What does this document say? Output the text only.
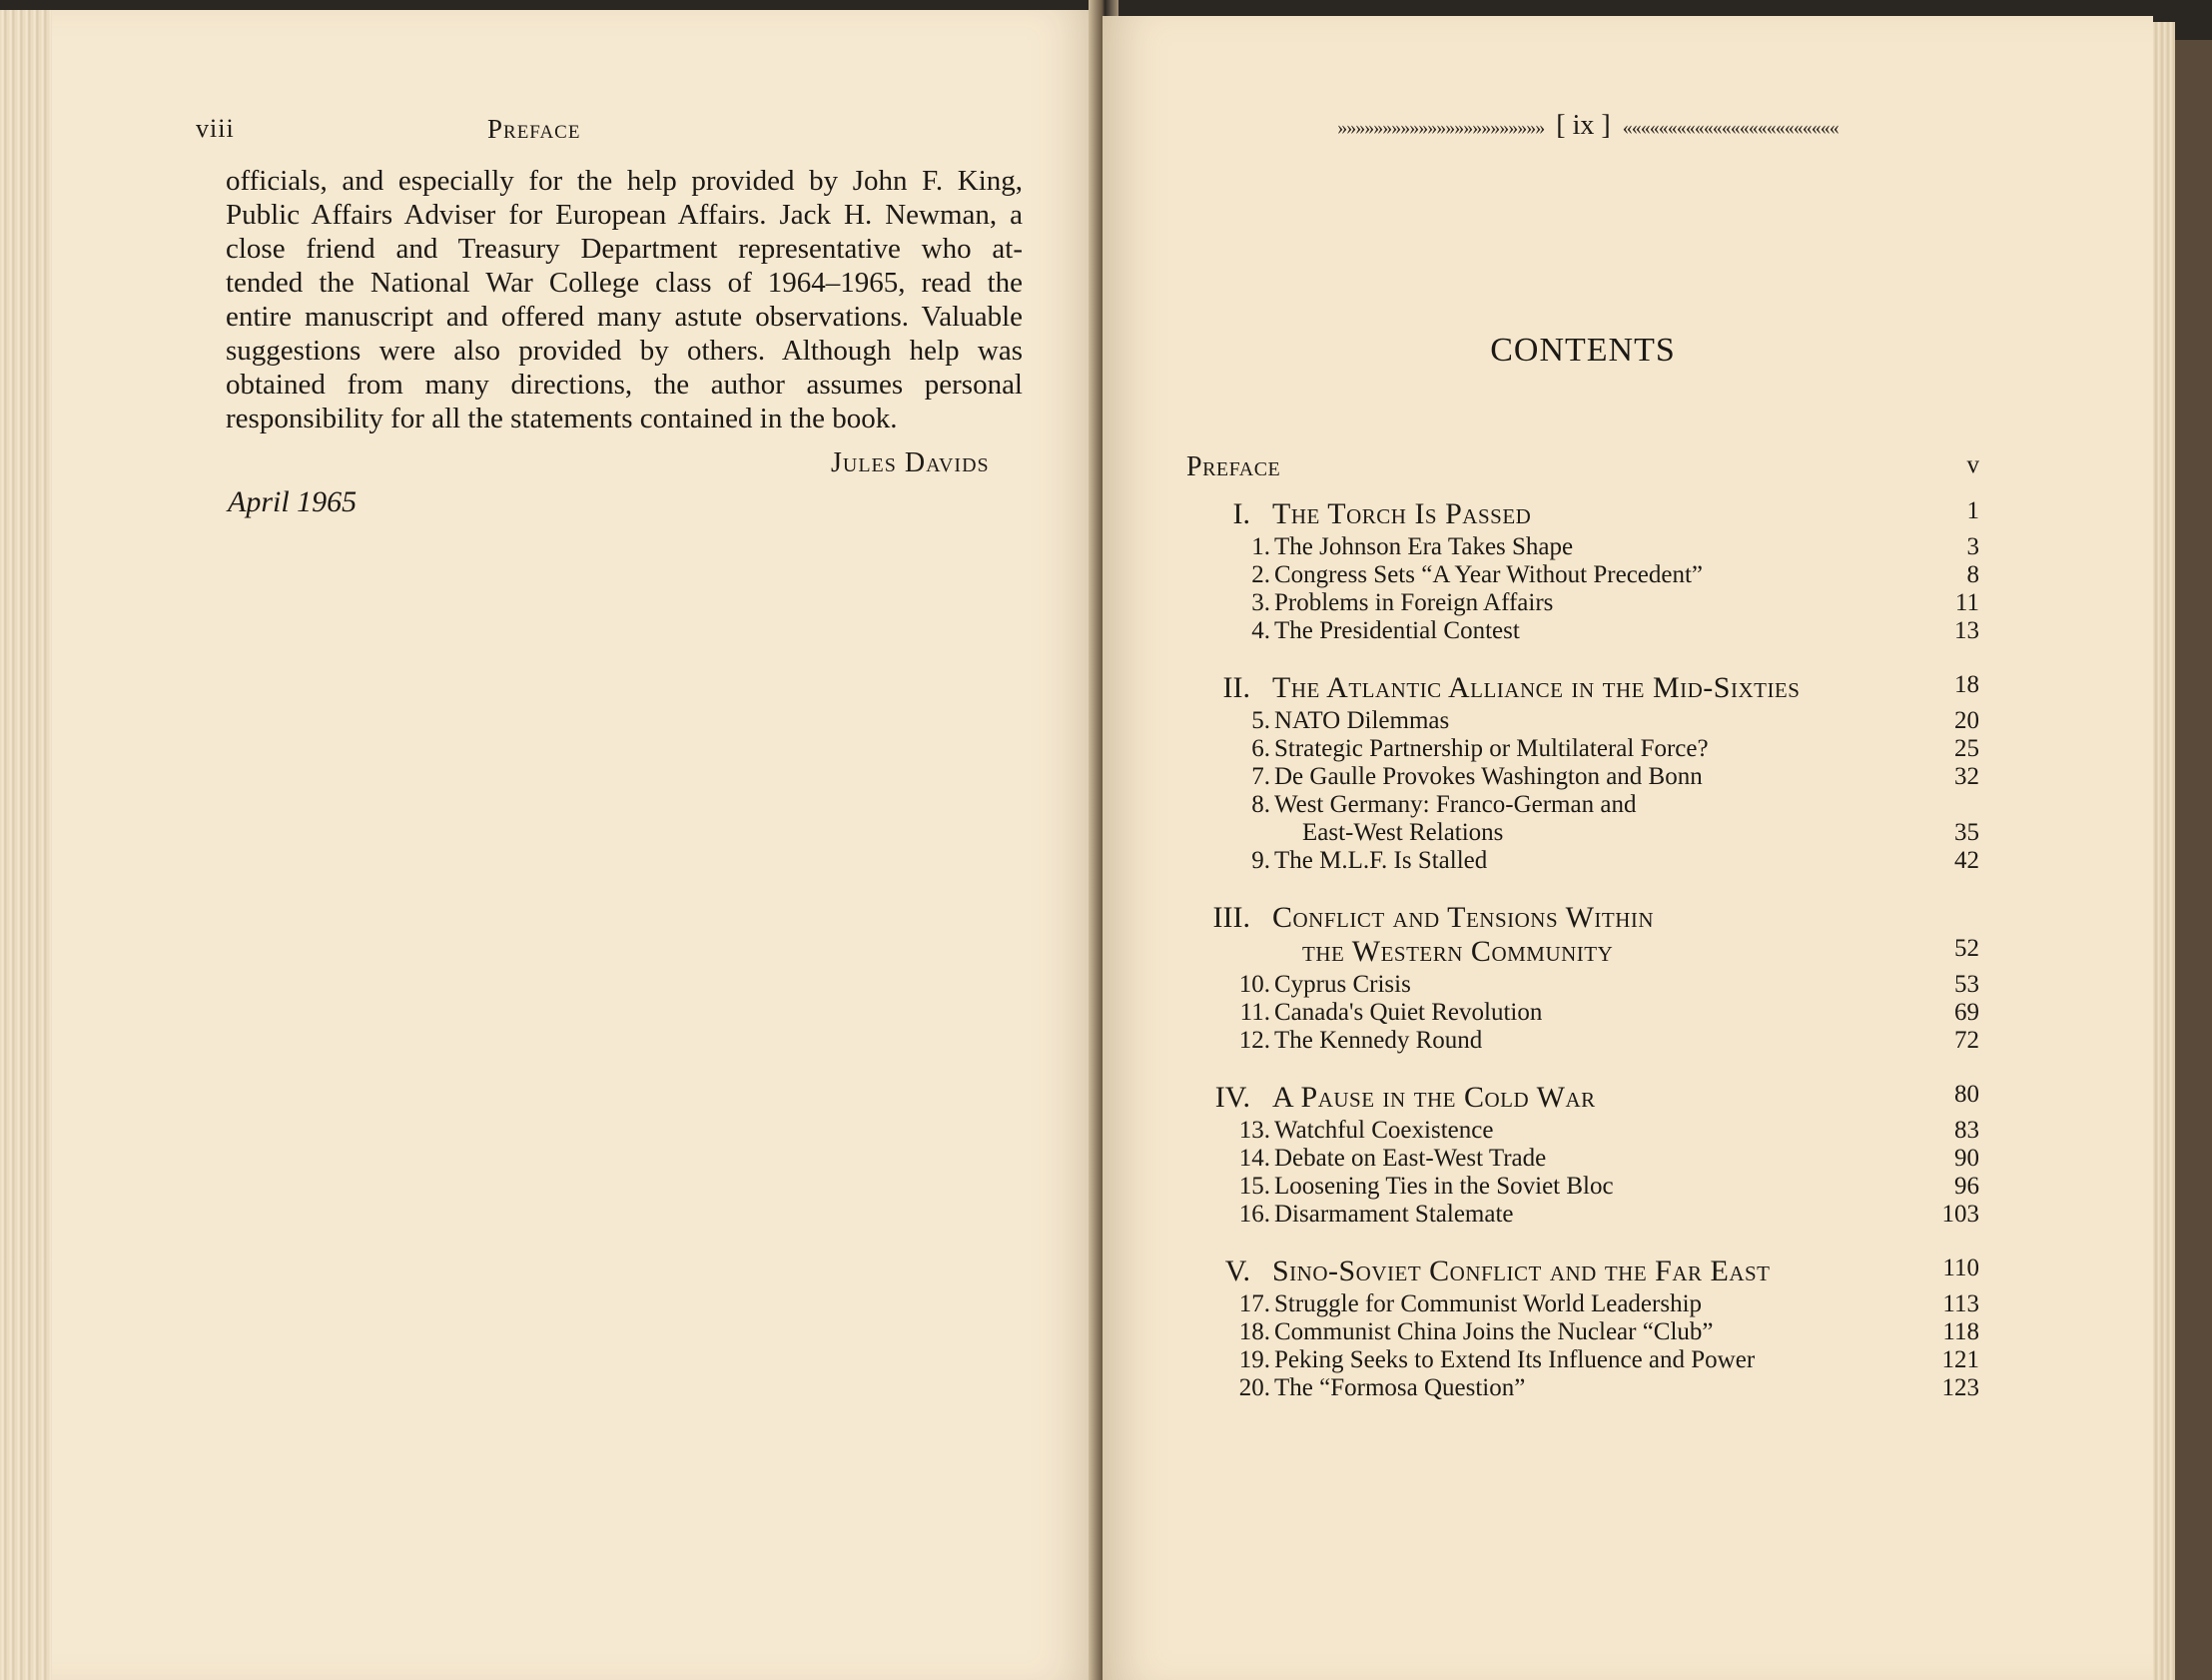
viii	Preface
officials, and especially for the help provided by John F. King,
Public Affairs Adviser for European Affairs. Jack H. Newman, a
close friend and Treasury Department representative who at-
tended the National War College class of 1964–1965, read the
entire manuscript and offered many astute observations. Valuable
suggestions were also provided by others. Although help was
obtained from many directions, the author assumes personal
responsibility for all the statements contained in the book.
Jules Davids
April 1965
»»»»»»»»»»»»»»»»»»»»»»» [ ix ] ««««««««««««««««««««««««
CONTENTS
Preface	v
I. The Torch Is Passed	1
1. The Johnson Era Takes Shape	3
2. Congress Sets “A Year Without Precedent”	8
3. Problems in Foreign Affairs	11
4. The Presidential Contest	13
II. The Atlantic Alliance in the Mid-Sixties	18
5. NATO Dilemmas	20
6. Strategic Partnership or Multilateral Force?	25
7. De Gaulle Provokes Washington and Bonn	32
8. West Germany: Franco-German and
East-West Relations	35
9. The M.L.F. Is Stalled	42
III. Conflict and Tensions Within
the Western Community	52
10. Cyprus Crisis	53
11. Canada's Quiet Revolution	69
12. The Kennedy Round	72
IV. A Pause in the Cold War	80
13. Watchful Coexistence	83
14. Debate on East-West Trade	90
15. Loosening Ties in the Soviet Bloc	96
16. Disarmament Stalemate	103
V. Sino-Soviet Conflict and the Far East	110
17. Struggle for Communist World Leadership	113
18. Communist China Joins the Nuclear “Club”	118
19. Peking Seeks to Extend Its Influence and Power	121
20. The “Formosa Question”	123
